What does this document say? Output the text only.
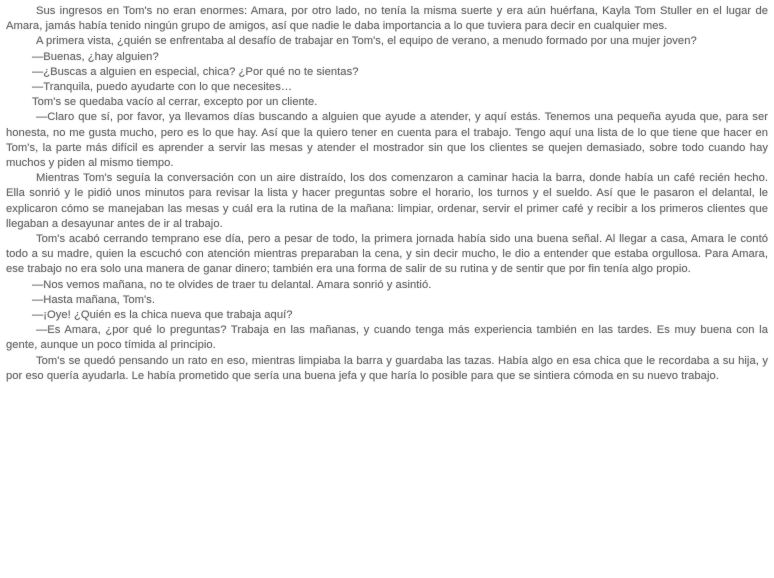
Sus ingresos en Tom's no eran enormes: Amara, por otro lado, no tenía la misma suerte y era aún huérfana, Kayla Tom Stuller en el lugar de Amara, jamás había tenido ningún grupo de amigos, así que nadie le daba importancia a lo que tuviera para decir en cualquier mes.

A primera vista, ¿quién se enfrentaba al desafío de trabajar en Tom's, el equipo de verano, a menudo formado por una mujer joven?

—Buenas, ¿hay alguien?

—¿Buscas a alguien en especial, chica? ¿Por qué no te sientas?

—Tranquila, puedo ayudarte con lo que necesites…

Tom's se quedaba vacío al cerrar, excepto por un cliente.

—Claro que sí, por favor, ya llevamos días buscando a alguien que ayude a atender, y aquí estás. Tenemos una pequeña ayuda que, para ser honesta, no me gusta mucho, pero es lo que hay. Así que la quiero tener en cuenta para el trabajo. Tengo aquí una lista de lo que tiene que hacer en Tom's, la parte más difícil es aprender a servir las mesas y atender el mostrador sin que los clientes se quejen demasiado, sobre todo cuando hay muchos y piden al mismo tiempo.

Mientras Tom's seguía la conversación con un aire distraído, los dos comenzaron a caminar hacia la barra, donde había un café recién hecho. Ella sonrió y le pidió unos minutos para revisar la lista y hacer preguntas sobre el horario, los turnos y el sueldo. Así que le pasaron el delantal, le explicaron cómo se manejaban las mesas y cuál era la rutina de la mañana: limpiar, ordenar, servir el primer café y recibir a los primeros clientes que llegaban a desayunar antes de ir al trabajo.

Tom's acabó cerrando temprano ese día, pero a pesar de todo, la primera jornada había sido una buena señal. Al llegar a casa, Amara le contó todo a su madre, quien la escuchó con atención mientras preparaban la cena, y sin decir mucho, le dio a entender que estaba orgullosa. Para Amara, ese trabajo no era solo una manera de ganar dinero; también era una forma de salir de su rutina y de sentir que por fin tenía algo propio.

—Nos vemos mañana, no te olvides de traer tu delantal. Amara sonrió y asintió.

—Hasta mañana, Tom's.

—¡Oye! ¿Quién es la chica nueva que trabaja aquí?

—Es Amara, ¿por qué lo preguntas? Trabaja en las mañanas, y cuando tenga más experiencia también en las tardes. Es muy buena con la gente, aunque un poco tímida al principio.

Tom's se quedó pensando un rato en eso, mientras limpiaba la barra y guardaba las tazas. Había algo en esa chica que le recordaba a su hija, y por eso quería ayudarla. Le había prometido que sería una buena jefa y que haría lo posible para que se sintiera cómoda en su nuevo trabajo.
